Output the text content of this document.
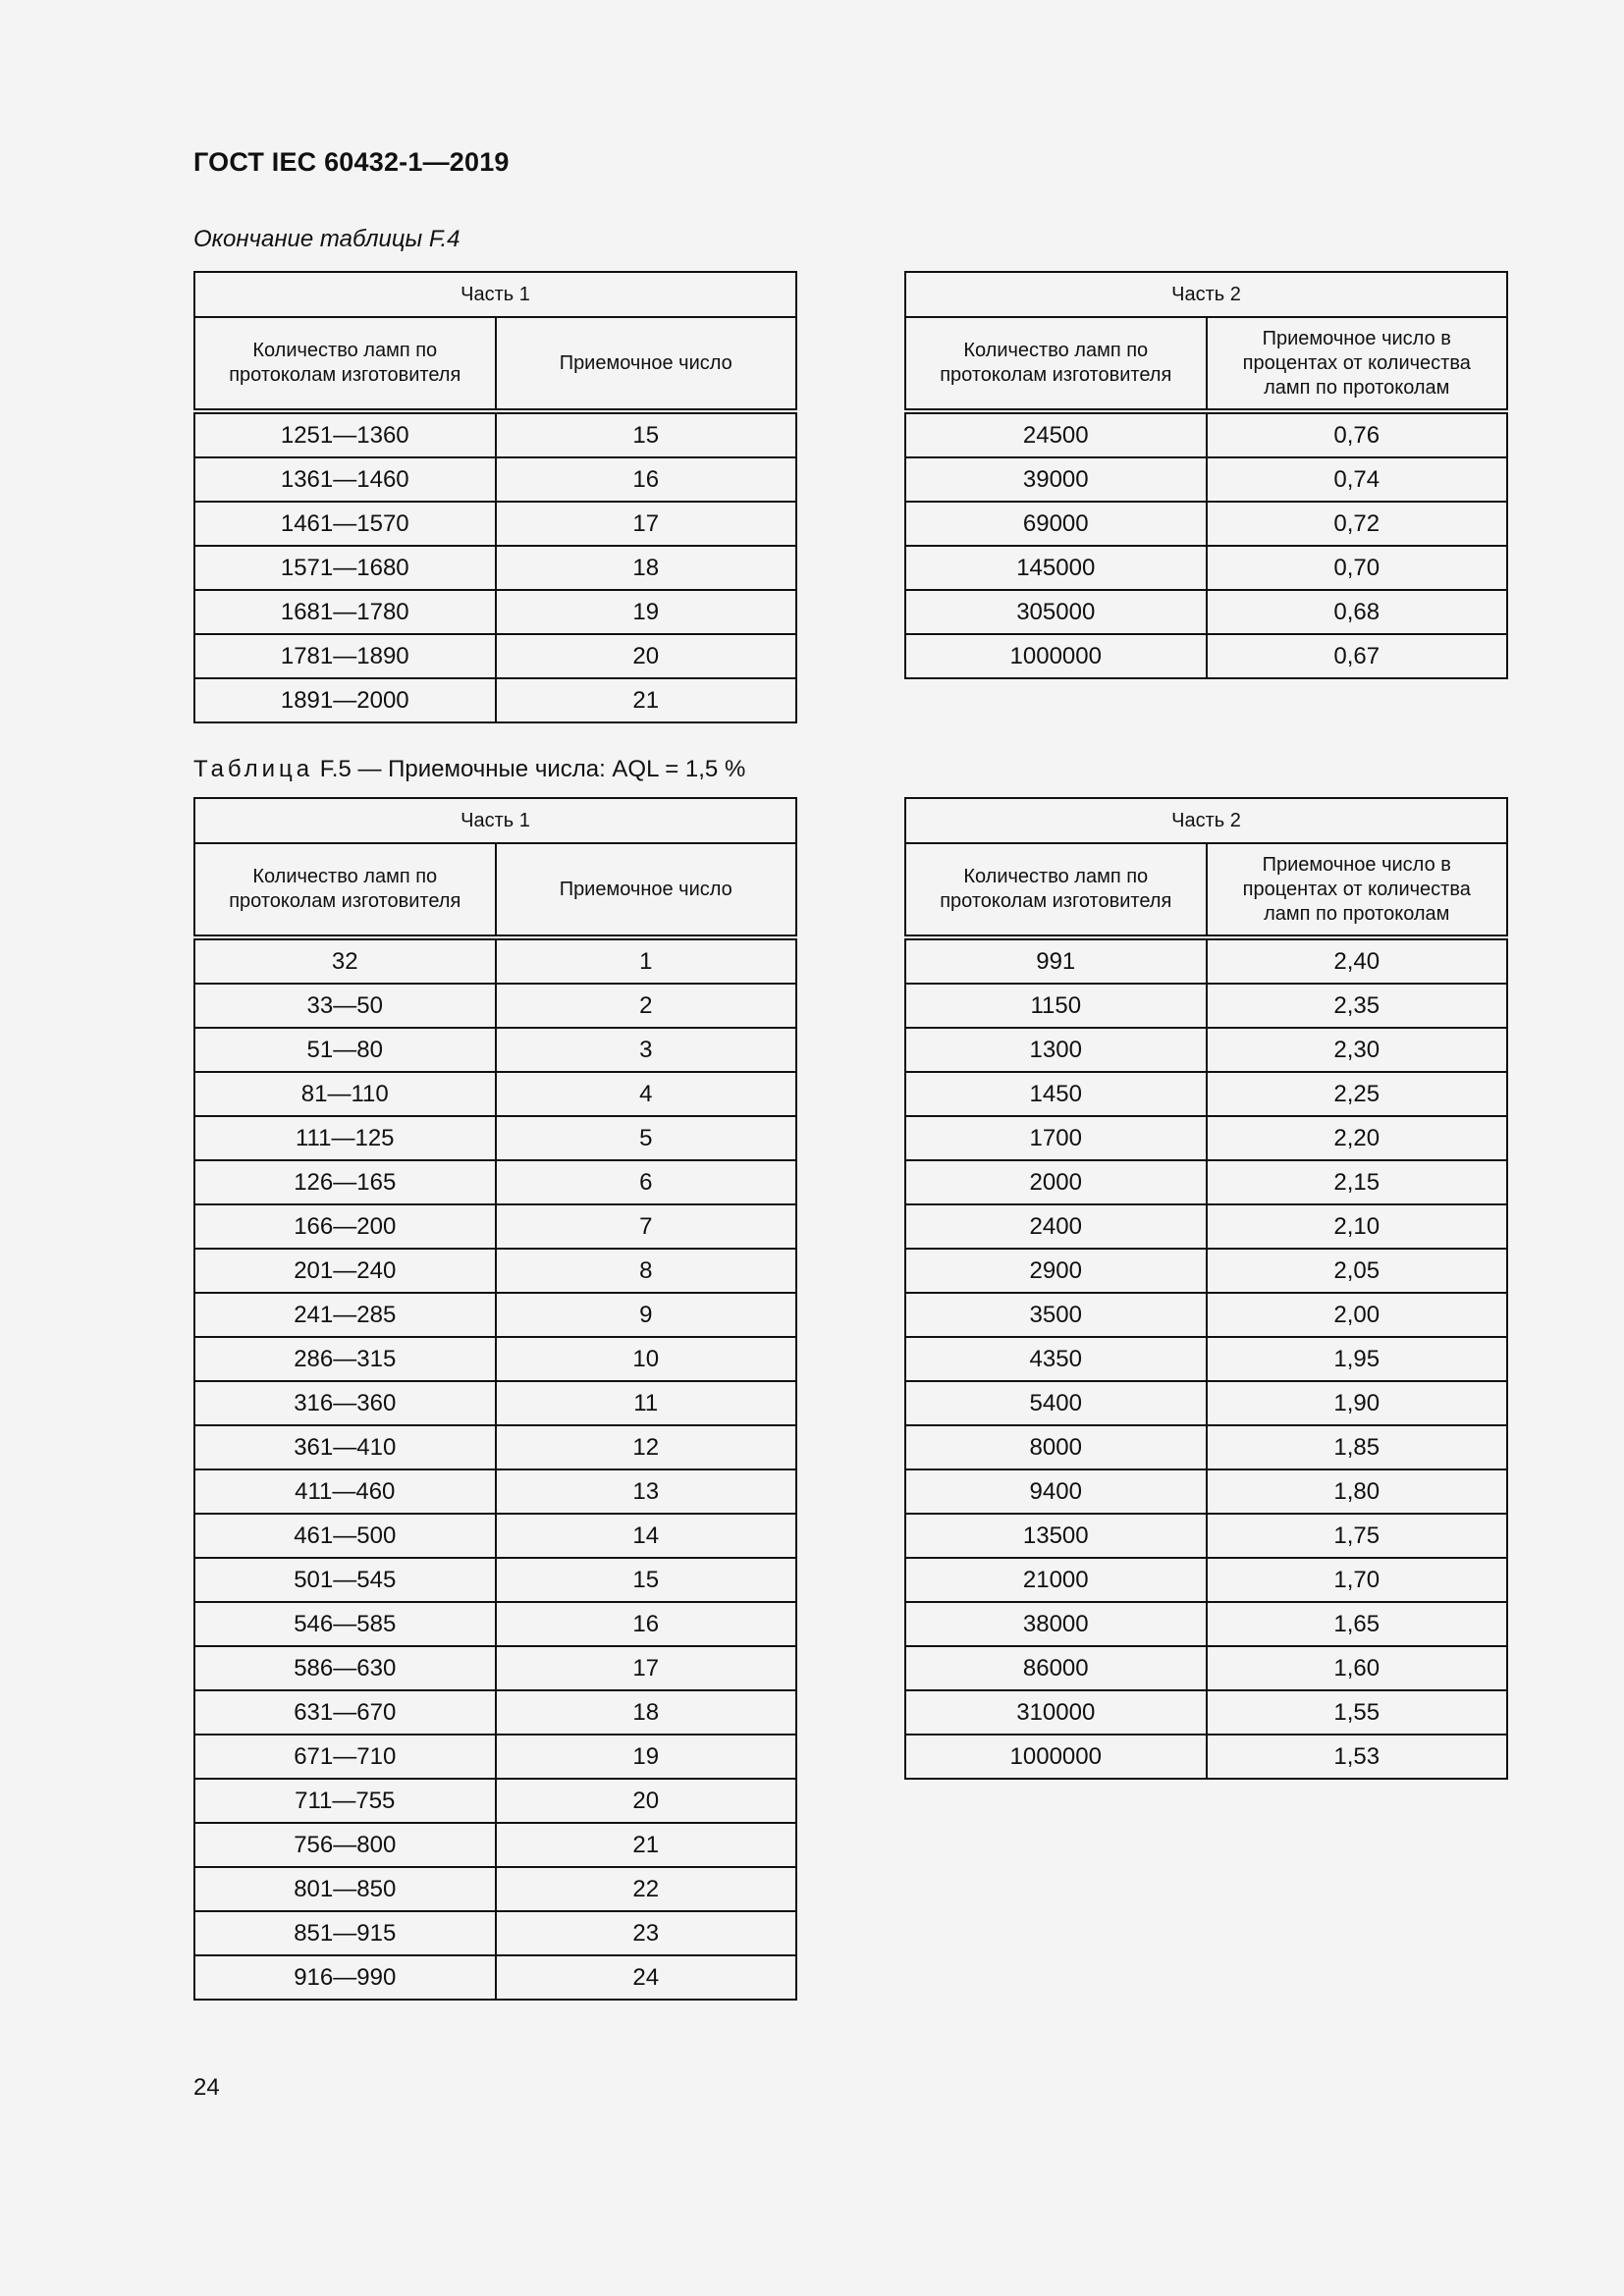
ГОСТ IEC 60432-1—2019
Окончание таблицы F.4
Часть 1	
Количество ламп по протоколам изготовителя	Приемочное число
1251—1360	15
1361—1460	16
1461—1570	17
1571—1680	18
1681—1780	19
1781—1890	20
1891—2000	21
Часть 2	
Количество ламп по протоколам изготовителя	Приемочное число в процентах от количества ламп по протоколам
24500	0,76
39000	0,74
69000	0,72
145000	0,70
305000	0,68
1000000	0,67
Таблица F.5 — Приемочные числа: AQL = 1,5 %
Часть 1	
Количество ламп по протоколам изготовителя	Приемочное число
32	1
33—50	2
51—80	3
81—110	4
111—125	5
126—165	6
166—200	7
201—240	8
241—285	9
286—315	10
316—360	11
361—410	12
411—460	13
461—500	14
501—545	15
546—585	16
586—630	17
631—670	18
671—710	19
711—755	20
756—800	21
801—850	22
851—915	23
916—990	24
Часть 2	
Количество ламп по протоколам изготовителя	Приемочное число в процентах от количества ламп по протоколам
991	2,40
1150	2,35
1300	2,30
1450	2,25
1700	2,20
2000	2,15
2400	2,10
2900	2,05
3500	2,00
4350	1,95
5400	1,90
8000	1,85
9400	1,80
13500	1,75
21000	1,70
38000	1,65
86000	1,60
310000	1,55
1000000	1,53
24
